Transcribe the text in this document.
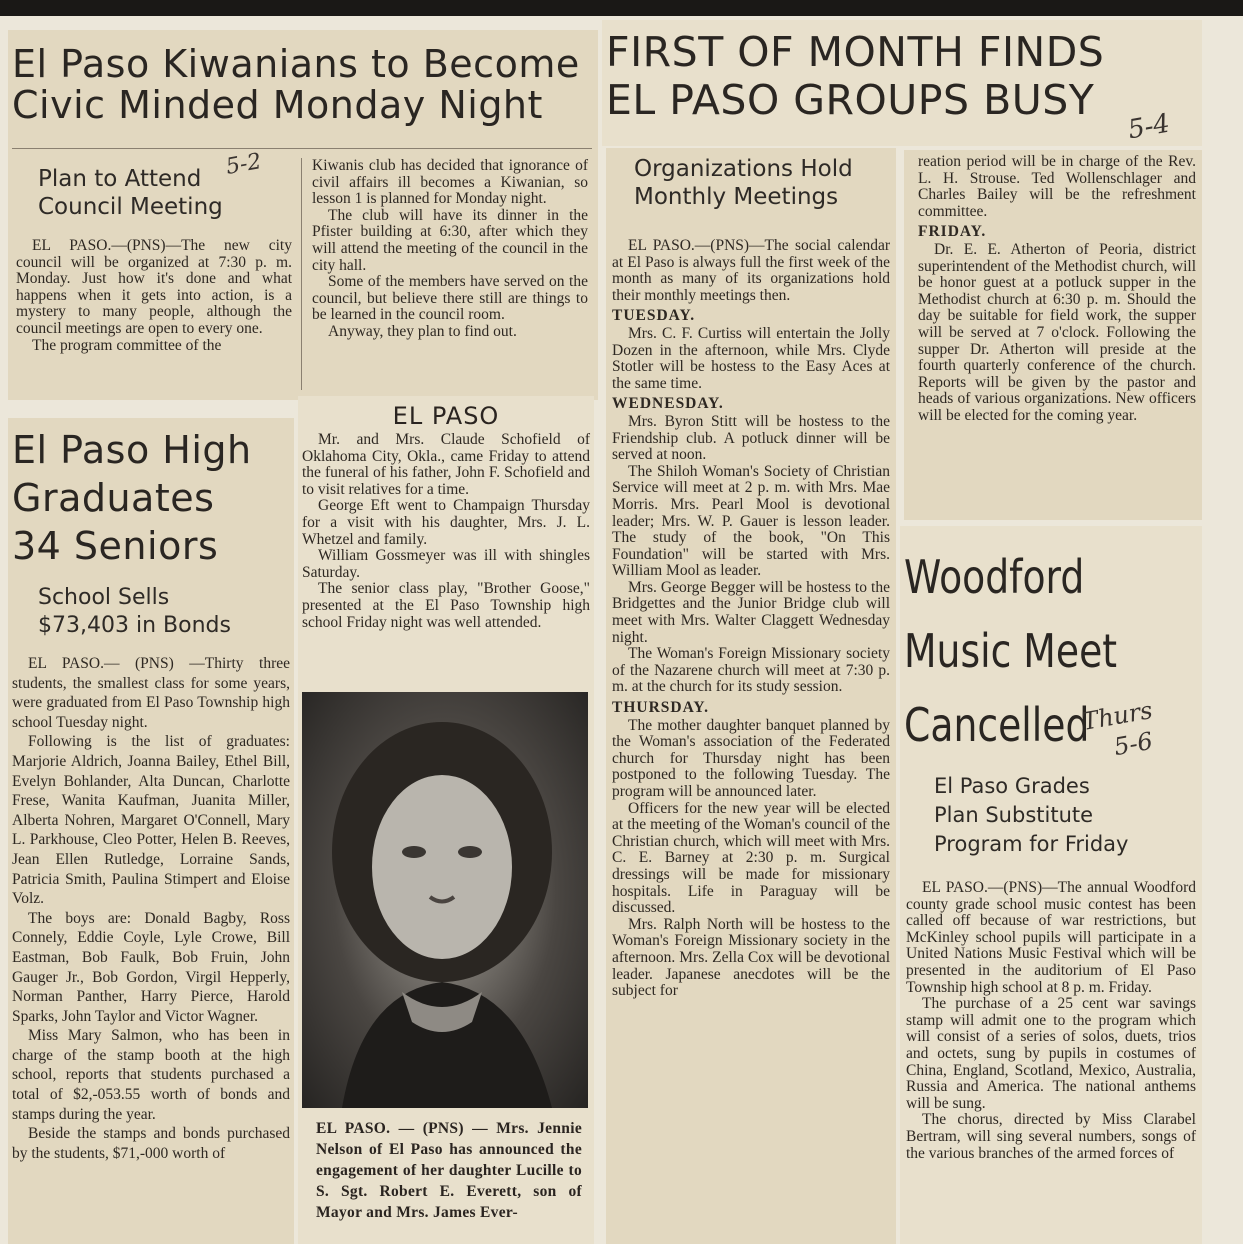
El Paso Kiwanians to Become
Civic Minded Monday Night
Plan to Attend
Council Meeting
5-2

EL PASO.—(PNS)—The new city council will be organized at 7:30 p. m. Monday. Just how it's done and what happens when it gets into action, is a mystery to many people, although the council meetings are open to every one.

The program committee of the

Kiwanis club has decided that ignorance of civil affairs ill becomes a Kiwanian, so lesson 1 is planned for Monday night.

The club will have its dinner in the Pfister building at 6:30, after which they will attend the meeting of the council in the city hall.

Some of the members have served on the council, but believe there still are things to be learned in the council room.

Anyway, they plan to find out.

El Paso High
Graduates
34 Seniors
School Sells
$73,403 in Bonds

EL PASO.— (PNS) —Thirty three students, the smallest class for some years, were graduated from El Paso Township high school Tuesday night.

Following is the list of graduates: Marjorie Aldrich, Joanna Bailey, Ethel Bill, Evelyn Bohlander, Alta Duncan, Charlotte Frese, Wanita Kaufman, Juanita Miller, Alberta Nohren, Margaret O'Connell, Mary L. Parkhouse, Cleo Potter, Helen B. Reeves, Jean Ellen Rutledge, Lorraine Sands, Patricia Smith, Paulina Stimpert and Eloise Volz.

The boys are: Donald Bagby, Ross Connely, Eddie Coyle, Lyle Crowe, Bill Eastman, Bob Faulk, Bob Fruin, John Gauger Jr., Bob Gordon, Virgil Hepperly, Norman Panther, Harry Pierce, Harold Sparks, John Taylor and Victor Wagner.

Miss Mary Salmon, who has been in charge of the stamp booth at the high school, reports that students purchased a total of $2,-053.55 worth of bonds and stamps during the year.

Beside the stamps and bonds purchased by the students, $71,-000 worth of

EL PASO

Mr. and Mrs. Claude Schofield of Oklahoma City, Okla., came Friday to attend the funeral of his father, John F. Schofield and to visit relatives for a time.

George Eft went to Champaign Thursday for a visit with his daughter, Mrs. J. L. Whetzel and family.

William Gossmeyer was ill with shingles Saturday.

The senior class play, "Brother Goose," presented at the El Paso Township high school Friday night was well attended.

EL PASO. — (PNS) — Mrs. Jennie Nelson of El Paso has announced the engagement of her daughter Lucille to S. Sgt. Robert E. Everett, son of Mayor and Mrs. James Ever-
FIRST OF MONTH FINDS
EL PASO GROUPS BUSY
5-4
Organizations Hold
Monthly Meetings

EL PASO.—(PNS)—The social calendar at El Paso is always full the first week of the month as many of its organizations hold their monthly meetings then.

TUESDAY.

Mrs. C. F. Curtiss will entertain the Jolly Dozen in the afternoon, while Mrs. Clyde Stotler will be hostess to the Easy Aces at the same time.

WEDNESDAY.

Mrs. Byron Stitt will be hostess to the Friendship club. A potluck dinner will be served at noon.

The Shiloh Woman's Society of Christian Service will meet at 2 p. m. with Mrs. Mae Morris. Mrs. Pearl Mool is devotional leader; Mrs. W. P. Gauer is lesson leader. The study of the book, "On This Foundation" will be started with Mrs. William Mool as leader.

Mrs. George Begger will be hostess to the Bridgettes and the Junior Bridge club will meet with Mrs. Walter Claggett Wednesday night.

The Woman's Foreign Missionary society of the Nazarene church will meet at 7:30 p. m. at the church for its study session.

THURSDAY.

The mother daughter banquet planned by the Woman's association of the Federated church for Thursday night has been postponed to the following Tuesday. The program will be announced later.

Officers for the new year will be elected at the meeting of the Woman's council of the Christian church, which will meet with Mrs. C. E. Barney at 2:30 p. m. Surgical dressings will be made for missionary hospitals. Life in Paraguay will be discussed.

Mrs. Ralph North will be hostess to the Woman's Foreign Missionary society in the afternoon. Mrs. Zella Cox will be devotional leader. Japanese anecdotes will be the subject for

reation period will be in charge of the Rev. L. H. Strouse. Ted Wollenschlager and Charles Bailey will be the refreshment committee.

FRIDAY.

Dr. E. E. Atherton of Peoria, district superintendent of the Methodist church, will be honor guest at a potluck supper in the Methodist church at 6:30 p. m. Should the day be suitable for field work, the supper will be served at 7 o'clock. Following the supper Dr. Atherton will preside at the fourth quarterly conference of the church. Reports will be given by the pastor and heads of various organizations. New officers will be elected for the coming year.

Woodford
Music Meet
Cancelled
Thurs
5-6
El Paso Grades
Plan Substitute
Program for Friday

EL PASO.—(PNS)—The annual Woodford county grade school music contest has been called off because of war restrictions, but McKinley school pupils will participate in a United Nations Music Festival which will be presented in the auditorium of El Paso Township high school at 8 p. m. Friday.

The purchase of a 25 cent war savings stamp will admit one to the program which will consist of a series of solos, duets, trios and octets, sung by pupils in costumes of China, England, Scotland, Mexico, Australia, Russia and America. The national anthems will be sung.

The chorus, directed by Miss Clarabel Bertram, will sing several numbers, songs of the various branches of the armed forces of
